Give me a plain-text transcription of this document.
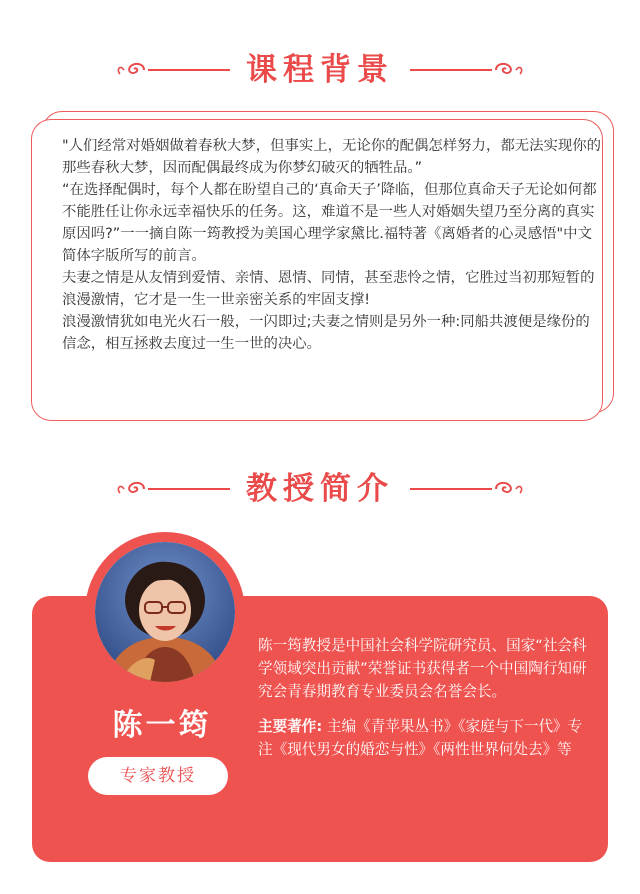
课程背景

"人们经常对婚姻做着春秋大梦，但事实上，无论你的配偶怎样努力，都无法实现你的那些春秋大梦，因而配偶最终成为你梦幻破灭的牺牲品。”

“在选择配偶时，每个人都在盼望自己的‘真命天子’降临，但那位真命天子无论如何都不能胜任让你永远幸福快乐的任务。这，难道不是一些人对婚姻失望乃至分离的真实原因吗?”一一摘自陈一筠教授为美国心理学家黛比.福特著《离婚者的心灵感悟"中文简体字版所写的前言。

夫妻之情是从友情到爱情、亲情、恩情、同情，甚至悲怜之情，它胜过当初那短暂的浪漫激情，它才是一生一世亲密关系的牢固支撑!

浪漫激情犹如电光火石一般，一闪即过;夫妻之情则是另外一种:同船共渡便是缘份的信念，相互拯救去度过一生一世的决心。

教授简介
陈一筠
专家教授

陈一筠教授是中国社会科学院研究员、国家“社会科学领域突出贡献”荣誉证书获得者一个中国陶行知研究会青春期教育专业委员会名誉会长。

主要著作: 主编《青苹果丛书》《家庭与下一代》专注《现代男女的婚恋与性》《两性世界何处去》等
